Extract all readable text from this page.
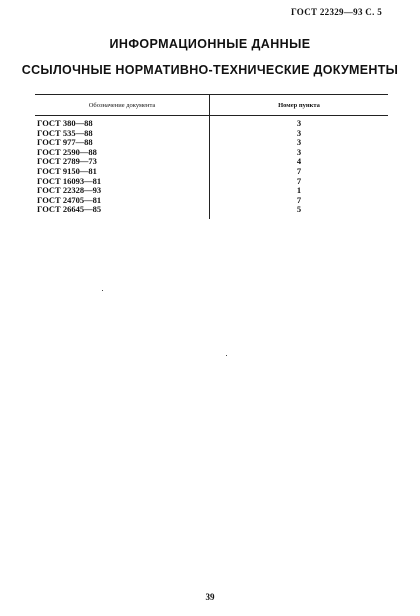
ГОСТ 22329—93 С. 5
ИНФОРМАЦИОННЫЕ ДАННЫЕ
ССЫЛОЧНЫЕ НОРМАТИВНО-ТЕХНИЧЕСКИЕ ДОКУМЕНТЫ
Обозначение документа	Номер пункта
ГОСТ 380—88	3
ГОСТ 535—88	3
ГОСТ 977—88	3
ГОСТ 2590—88	3
ГОСТ 2789—73	4
ГОСТ 9150—81	7
ГОСТ 16093—81	7
ГОСТ 22328—93	1
ГОСТ 24705—81	7
ГОСТ 26645—85	5
39
